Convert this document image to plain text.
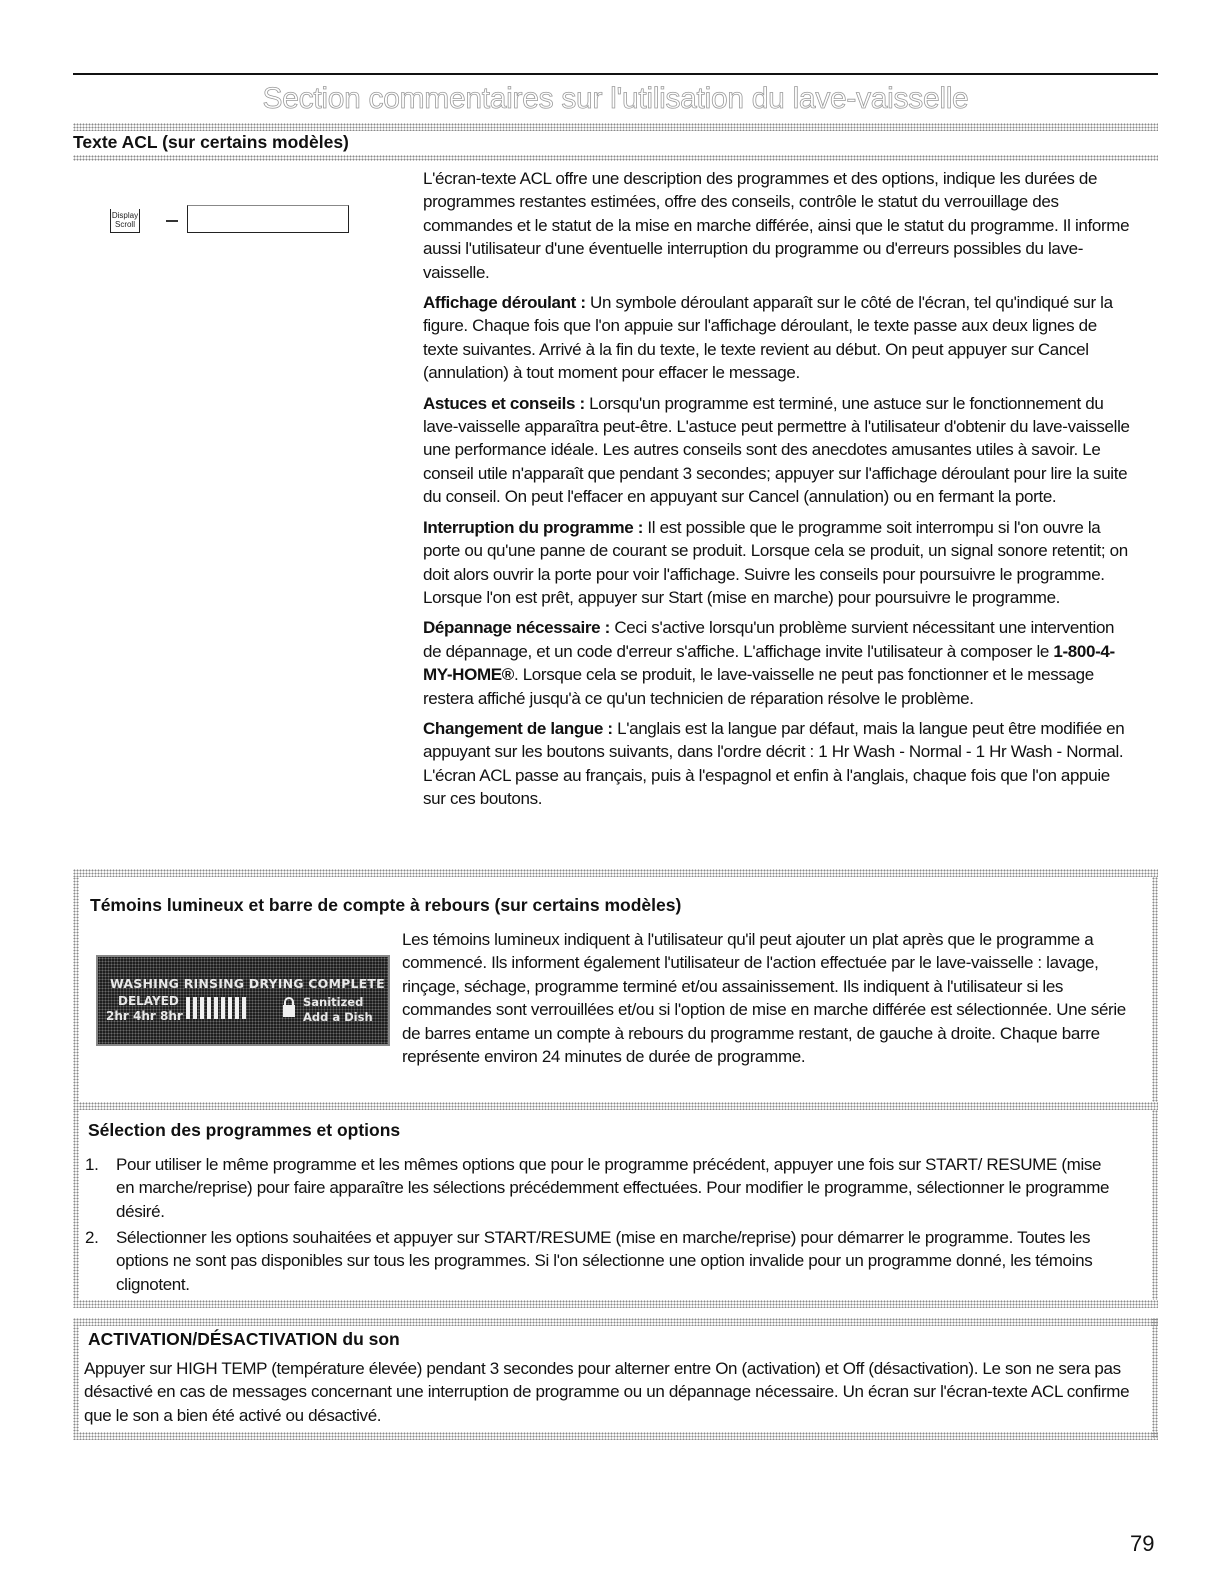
Section commentaires sur l'utilisation du lave-vaisselle
Texte ACL (sur certains modèles)
Display Scroll

L'écran-texte ACL offre une description des programmes et des options, indique les durées de programmes restantes estimées, offre des conseils, contrôle le statut du verrouillage des commandes et le statut de la mise en marche différée, ainsi que le statut du programme. Il informe aussi l'utilisateur d'une éventuelle interruption du programme ou d'erreurs possibles du lave-vaisselle.

Affichage déroulant : Un symbole déroulant apparaît sur le côté de l'écran, tel qu'indiqué sur la figure. Chaque fois que l'on appuie sur l'affichage déroulant, le texte passe aux deux lignes de texte suivantes. Arrivé à la fin du texte, le texte revient au début. On peut appuyer sur Cancel (annulation) à tout moment pour effacer le message.

Astuces et conseils : Lorsqu'un programme est terminé, une astuce sur le fonctionnement du lave-vaisselle apparaîtra peut-être. L'astuce peut permettre à l'utilisateur d'obtenir du lave-vaisselle une performance idéale. Les autres conseils sont des anecdotes amusantes utiles à savoir. Le conseil utile n'apparaît que pendant 3 secondes; appuyer sur l'affichage déroulant pour lire la suite du conseil. On peut l'effacer en appuyant sur Cancel (annulation) ou en fermant la porte.

Interruption du programme : Il est possible que le programme soit interrompu si l'on ouvre la porte ou qu'une panne de courant se produit. Lorsque cela se produit, un signal sonore retentit; on doit alors ouvrir la porte pour voir l'affichage. Suivre les conseils pour poursuivre le programme. Lorsque l'on est prêt, appuyer sur Start (mise en marche) pour poursuivre le programme.

Dépannage nécessaire : Ceci s'active lorsqu'un problème survient nécessitant une intervention de dépannage, et un code d'erreur s'affiche. L'affichage invite l'utilisateur à composer le 1-800-4-MY-HOME®. Lorsque cela se produit, le lave-vaisselle ne peut pas fonctionner et le message restera affiché jusqu'à ce qu'un technicien de réparation résolve le problème.

Changement de langue : L'anglais est la langue par défaut, mais la langue peut être modifiée en appuyant sur les boutons suivants, dans l'ordre décrit : 1 Hr Wash - Normal - 1 Hr Wash - Normal. L'écran ACL passe au français, puis à l'espagnol et enfin à l'anglais, chaque fois que l'on appuie sur ces boutons.

Témoins lumineux et barre de compte à rebours (sur certains modèles)
WASHING RINSING DRYING COMPLETE
DELAYED
2hr 4hr 8hr
Sanitized
Add a Dish

Les témoins lumineux indiquent à l'utilisateur qu'il peut ajouter un plat après que le programme a commencé. Ils informent également l'utilisateur de l'action effectuée par le lave-vaisselle : lavage, rinçage, séchage, programme terminé et/ou assainissement. Ils indiquent à l'utilisateur si les commandes sont verrouillées et/ou si l'option de mise en marche différée est sélectionnée. Une série de barres entame un compte à rebours du programme restant, de gauche à droite. Chaque barre représente environ 24 minutes de durée de programme.

Sélection des programmes et options
1. Pour utiliser le même programme et les mêmes options que pour le programme précédent, appuyer une fois sur START/ RESUME (mise en marche/reprise) pour faire apparaître les sélections précédemment effectuées. Pour modifier le programme, sélectionner le programme désiré.
2. Sélectionner les options souhaitées et appuyer sur START/RESUME (mise en marche/reprise) pour démarrer le programme. Toutes les options ne sont pas disponibles sur tous les programmes. Si l'on sélectionne une option invalide pour un programme donné, les témoins clignotent.
ACTIVATION/DÉSACTIVATION du son

Appuyer sur HIGH TEMP (température élevée) pendant 3 secondes pour alterner entre On (activation) et Off (désactivation). Le son ne sera pas désactivé en cas de messages concernant une interruption de programme ou un dépannage nécessaire. Un écran sur l'écran-texte ACL confirme que le son a bien été activé ou désactivé.

79
